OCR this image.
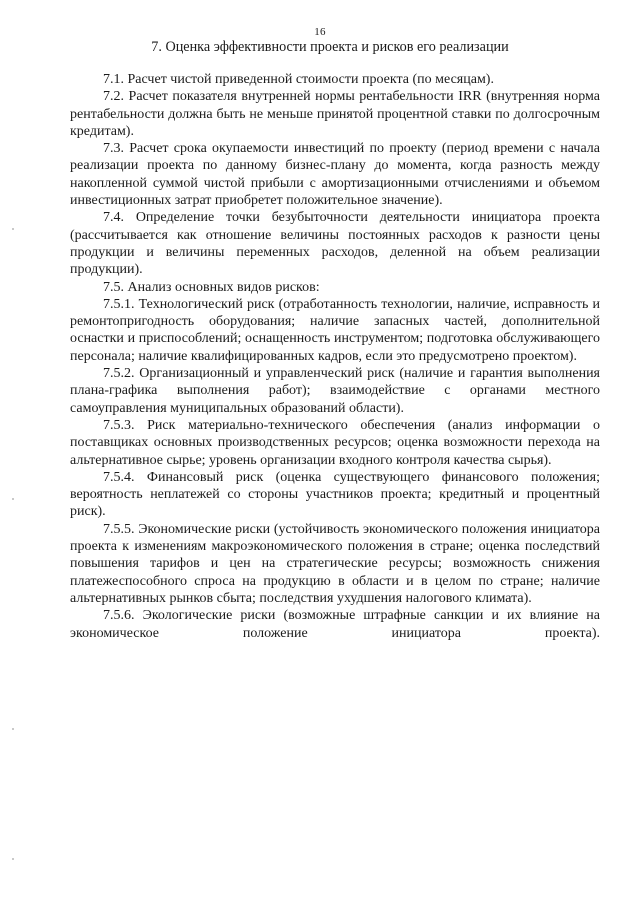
16
7. Оценка эффективности проекта и рисков его реализации

7.1. Расчет чистой приведенной стоимости проекта (по месяцам).

7.2. Расчет показателя внутренней нормы рентабельности IRR (внутренняя норма рентабельности должна быть не меньше принятой процентной ставки по долгосрочным кредитам).

7.3. Расчет срока окупаемости инвестиций по проекту (период времени с начала реализации проекта по данному бизнес-плану до момента, когда разность между накопленной суммой чистой прибыли с амортизационными отчислениями и объемом инвестиционных затрат приобретет положительное значение).

7.4. Определение точки безубыточности деятельности инициатора проекта (рассчитывается как отношение величины постоянных расходов к разности цены продукции и величины переменных расходов, деленной на объем реализации продукции).

7.5. Анализ основных видов рисков:

7.5.1. Технологический риск (отработанность технологии, наличие, исправность и ремонтопригодность оборудования; наличие запасных частей, дополнительной оснастки и приспособлений; оснащенность инструментом; подготовка обслуживающего персонала; наличие квалифицированных кадров, если это предусмотрено проектом).

7.5.2. Организационный и управленческий риск (наличие и гарантия выполнения плана-графика выполнения работ); взаимодействие с органами местного самоуправления муниципальных образований области).

7.5.3. Риск материально-технического обеспечения (анализ информации о поставщиках основных производственных ресурсов; оценка возможности перехода на альтернативное сырье; уровень организации входного контроля качества сырья).

7.5.4. Финансовый риск (оценка существующего финансового положения; вероятность неплатежей со стороны участников проекта; кредитный и процентный риск).

7.5.5. Экономические риски (устойчивость экономического положения инициатора проекта к изменениям макроэкономического положения в стране; оценка последствий повышения тарифов и цен на стратегические ресурсы; возможность снижения платежеспособного спроса на продукцию в области и в целом по стране; наличие альтернативных рынков сбыта; последствия ухудшения налогового климата).

7.5.6. Экологические риски (возможные штрафные санкции и их влияние на экономическое положение инициатора проекта).
